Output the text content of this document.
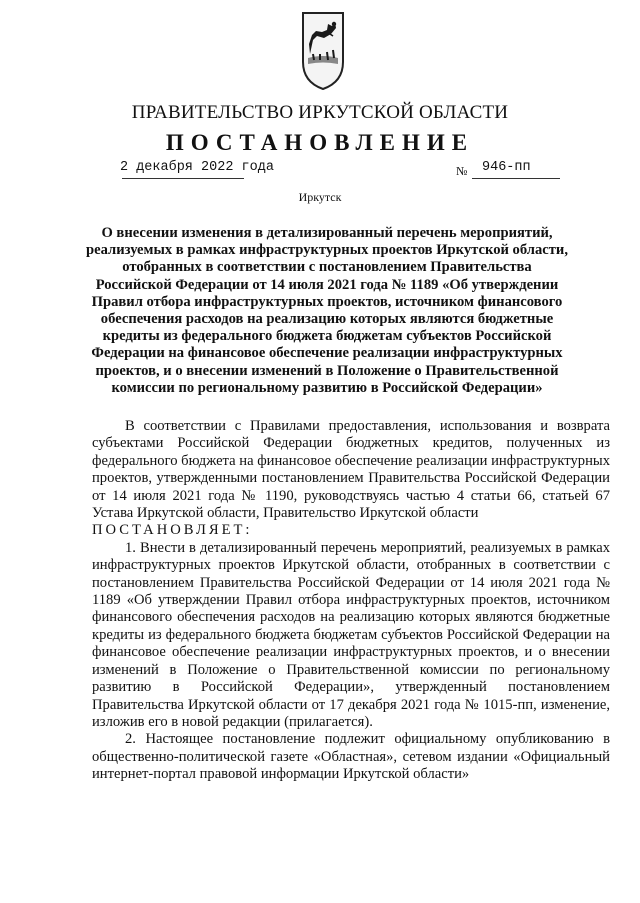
ПРАВИТЕЛЬСТВО ИРКУТСКОЙ ОБЛАСТИ
ПОСТАНОВЛЕНИЕ
2 декабря 2022 года	№ 946-пп
Иркутск
О внесении изменения в детализированный перечень мероприятий, реализуемых в рамках инфраструктурных проектов Иркутской области, отобранных в соответствии с постановлением Правительства Российской Федерации от 14 июля 2021 года № 1189 «Об утверждении Правил отбора инфраструктурных проектов, источником финансового обеспечения расходов на реализацию которых являются бюджетные кредиты из федерального бюджета бюджетам субъектов Российской Федерации на финансовое обеспечение реализации инфраструктурных проектов, и о внесении изменений в Положение о Правительственной комиссии по региональному развитию в Российской Федерации»

В соответствии с Правилами предоставления, использования и возврата субъектами Российской Федерации бюджетных кредитов, полученных из федерального бюджета на финансовое обеспечение реализации инфраструктурных проектов, утвержденными постановлением Правительства Российской Федерации от 14 июля 2021 года № 1190, руководствуясь частью 4 статьи 66, статьей 67 Устава Иркутской области, Правительство Иркутской области

ПОСТАНОВЛЯЕТ:

1. Внести в детализированный перечень мероприятий, реализуемых в рамках инфраструктурных проектов Иркутской области, отобранных в соответствии с постановлением Правительства Российской Федерации от 14 июля 2021 года № 1189 «Об утверждении Правил отбора инфраструктурных проектов, источником финансового обеспечения расходов на реализацию которых являются бюджетные кредиты из федерального бюджета бюджетам субъектов Российской Федерации на финансовое обеспечение реализации инфраструктурных проектов, и о внесении изменений в Положение о Правительственной комиссии по региональному развитию в Российской Федерации», утвержденный постановлением Правительства Иркутской области от 17 декабря 2021 года № 1015-пп, изменение, изложив его в новой редакции (прилагается).

2. Настоящее постановление подлежит официальному опубликованию в общественно-политической газете «Областная», сетевом издании «Официальный интернет-портал правовой информации Иркутской области»
